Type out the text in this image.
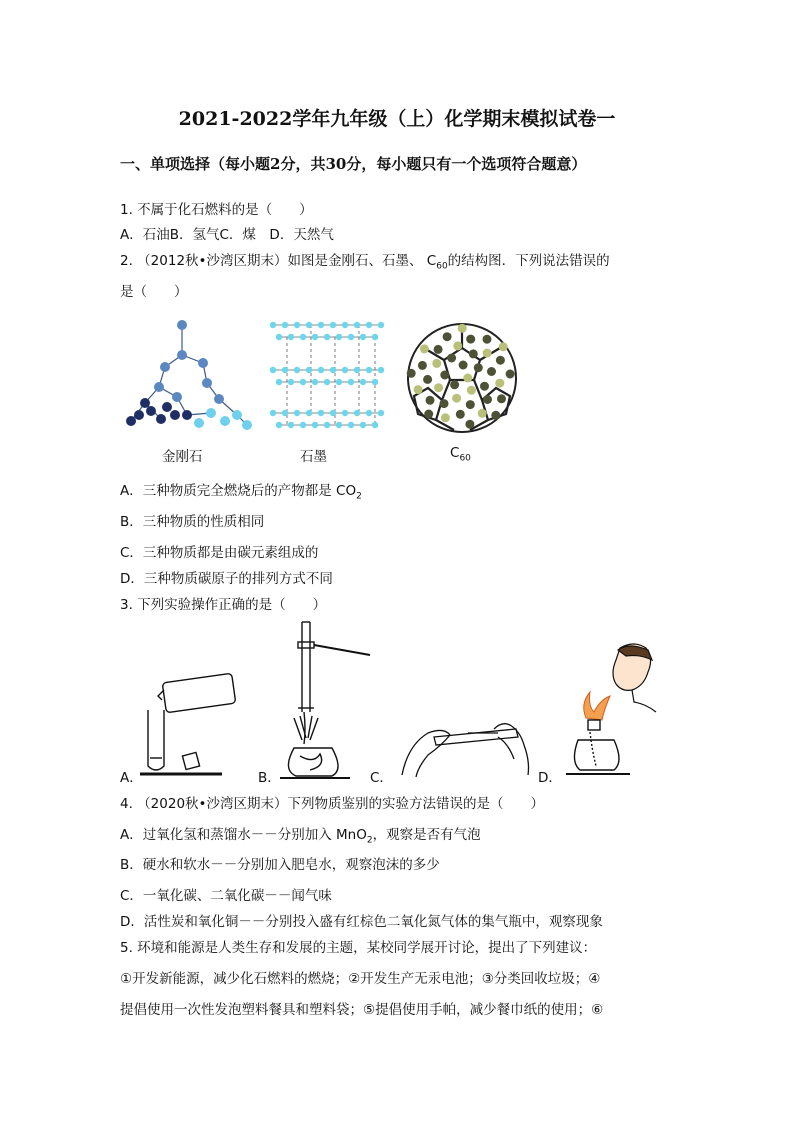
2021-2022学年九年级（上）化学期末模拟试卷一
一、单项选择（每小题2分，共30分，每小题只有一个选项符合题意）
1. 不属于化石燃料的是（　　）
A．石油B．氢气C．煤　D．天然气
2. （2012秋•沙湾区期末）如图是金刚石、石墨、 $C_{60}$的结构图．下列说法错误的
是（　　）
金刚石	石墨	$C_{60}$
A．三种物质完全燃烧后的产物都是 $CO_2$
B．三种物质的性质相同
C．三种物质都是由碳元素组成的
D．三种物质碳原子的排列方式不同
3. 下列实验操作正确的是（　　）
A．	B．	C．	D．
4. （2020秋•沙湾区期末）下列物质鉴别的实验方法错误的是（　　）
A．过氧化氢和蒸馏水－－分别加入 MnO$_2$，观察是否有气泡
B．硬水和软水－－分别加入肥皂水，观察泡沫的多少
C．一氧化碳、二氧化碳－－闻气味
D．活性炭和氧化铜－－分别投入盛有红棕色二氧化氮气体的集气瓶中，观察现象
5. 环境和能源是人类生存和发展的主题，某校同学展开讨论，提出了下列建议：
①开发新能源，减少化石燃料的燃烧；②开发生产无汞电池；③分类回收垃圾；④
提倡使用一次性发泡塑料餐具和塑料袋；⑤提倡使用手帕，减少餐巾纸的使用；⑥
